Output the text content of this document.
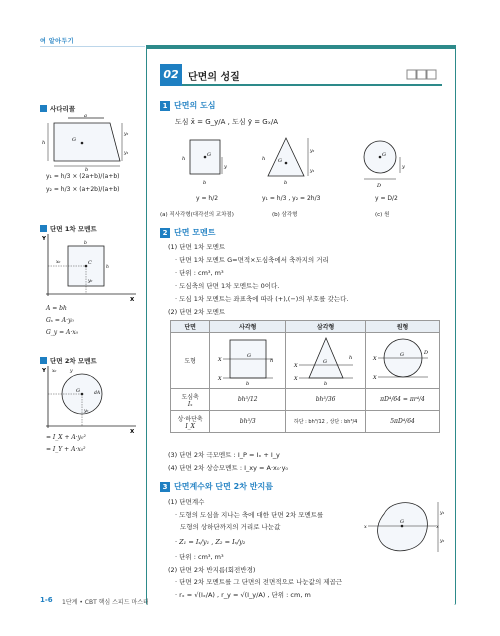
여 알아두기
02 단면의 성질
사다리꼴
a
h	G
y₂
y₁
b
y₁ = h/3 × (2a+b)/(a+b)
y₂ = h/3 × (a+2b)/(a+b)
단면 1차 모멘트
Y
X
C
x₀
y₀
b
h
A = bh
Gₓ = A·y₀
G_y = A·x₀
단면 2차 모멘트
Y
X
G
x₀	y
y₀
dA
= I_X + A·y₀²
= I_Y + A·x₀²
1 단면의 도심
도심 x̄ = G_y/A , 도심 ȳ = Gₓ/A
G
y
h
b
G
y₂
y₁
h
b
G
y
D
y = h/2	y₁ = h/3 , y₂ = 2h/3	y = D/2
(a) 직사각형(대각선의 교차점)	(b) 삼각형	(c) 원
2 단면 모멘트
(1) 단면 1차 모멘트
· 단면 1차 모멘트 G=면적×도심축에서 축까지의 거리
· 단위 : cm³, m³
· 도심축의 단면 1차 모멘트는 0이다.
· 도심 1차 모멘트는 좌표축에 따라 (+),(−)의 부호를 갖는다.
(2) 단면 2차 모멘트
단면	사각형	삼각형	원형
도형	X
X
G
h
b	X
X
G
h
b	X
X
G D

도심축
Iₓ	bh³/12	bh³/36	πD⁴/64 = πr⁴/4
상·하단축
I_X	bh³/3	하단 : bh³/12 , 상단 : bh³/4	5πD⁴/64
(3) 단면 2차 극모멘트 : I_P = Iₓ + I_y
(4) 단면 2차 상승모멘트 : I_xy = A·x₀·y₀
3 단면계수와 단면 2차 반지름
(1) 단면계수
· 도형의 도심을 지나는 축에 대한 단면 2차 모멘트를
도형의 상하단까지의 거리로 나눈값
· Z₁ = Iₓ/y₁ , Z₂ = Iₓ/y₂
· 단위 : cm³, m³
(2) 단면 2차 반지름(회전반경)
· 단면 2차 모멘트를 그 단면의 전면적으로 나눈값의 제곱근
· rₓ = √(Iₓ/A) , r_y = √(I_y/A) , 단위 : cm, m
x	x
G
y₁
y₂
1-6 1단계 • CBT 핵심 스피드 마스터
